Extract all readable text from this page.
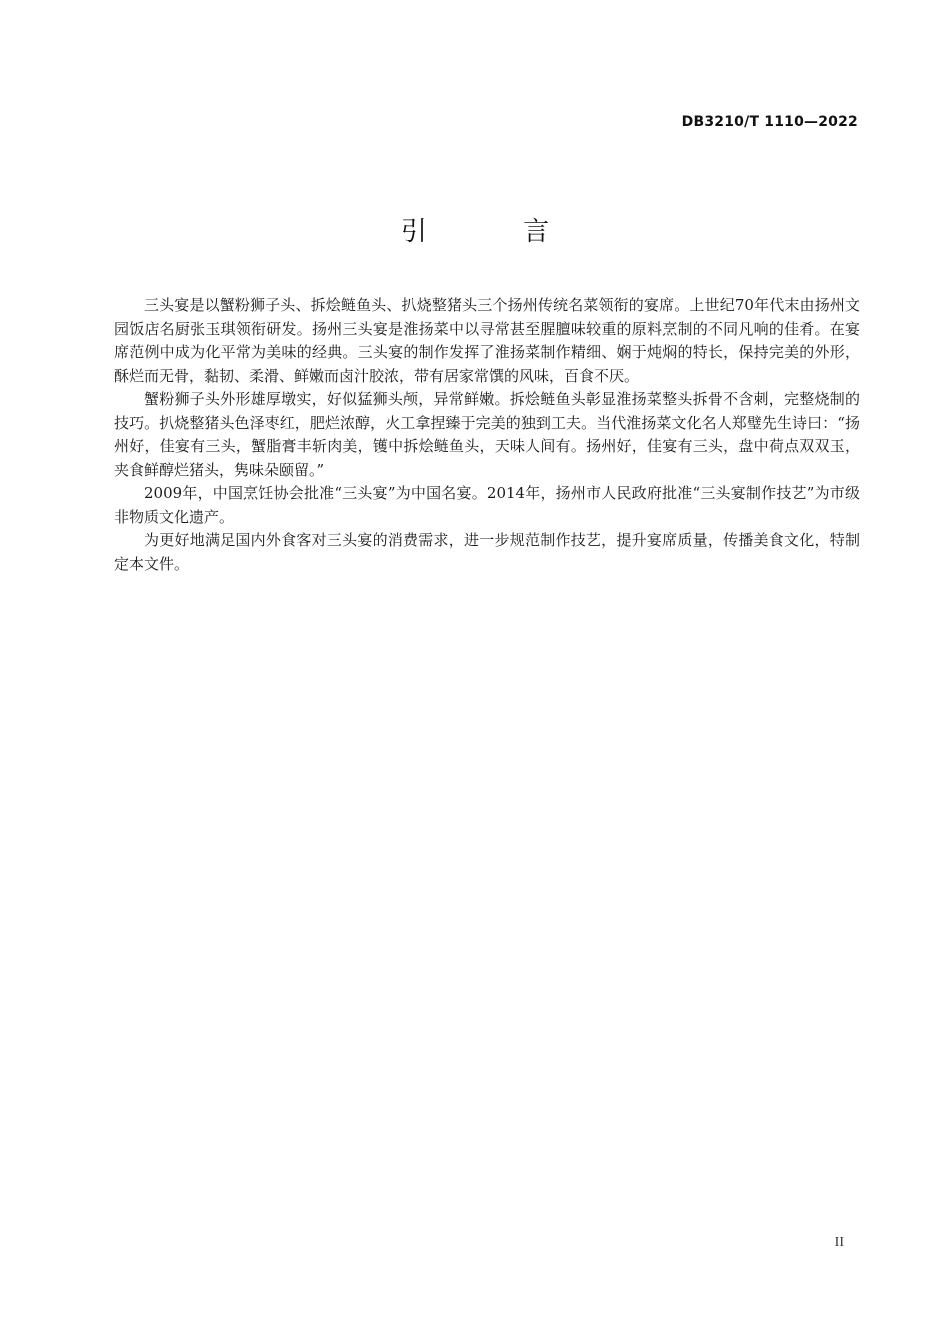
DB3210/T 1110—2022
引 言

三头宴是以蟹粉狮子头、拆烩鲢鱼头、扒烧整猪头三个扬州传统名菜领衔的宴席。上世纪70年代末由扬州文园饭店名厨张玉琪领衔研发。扬州三头宴是淮扬菜中以寻常甚至腥膻味较重的原料烹制的不同凡响的佳肴。在宴席范例中成为化平常为美味的经典。三头宴的制作发挥了淮扬菜制作精细、娴于炖焖的特长，保持完美的外形，酥烂而无骨，黏韧、柔滑、鲜嫩而卤汁胶浓，带有居家常馔的风味，百食不厌。

蟹粉狮子头外形雄厚墩实，好似猛狮头颅，异常鲜嫩。拆烩鲢鱼头彰显淮扬菜整头拆骨不含刺，完整烧制的技巧。扒烧整猪头色泽枣红，肥烂浓醇，火工拿捏臻于完美的独到工夫。当代淮扬菜文化名人郑璧先生诗曰：“扬州好，佳宴有三头，蟹脂膏丰斩肉美，镬中拆烩鲢鱼头，天味人间有。扬州好，佳宴有三头，盘中荷点双双玉，夹食鲜醇烂猪头，隽味朵颐留。”

2009年，中国烹饪协会批准“三头宴”为中国名宴。2014年，扬州市人民政府批准“三头宴制作技艺”为市级非物质文化遗产。

为更好地满足国内外食客对三头宴的消费需求，进一步规范制作技艺，提升宴席质量，传播美食文化，特制定本文件。

II
